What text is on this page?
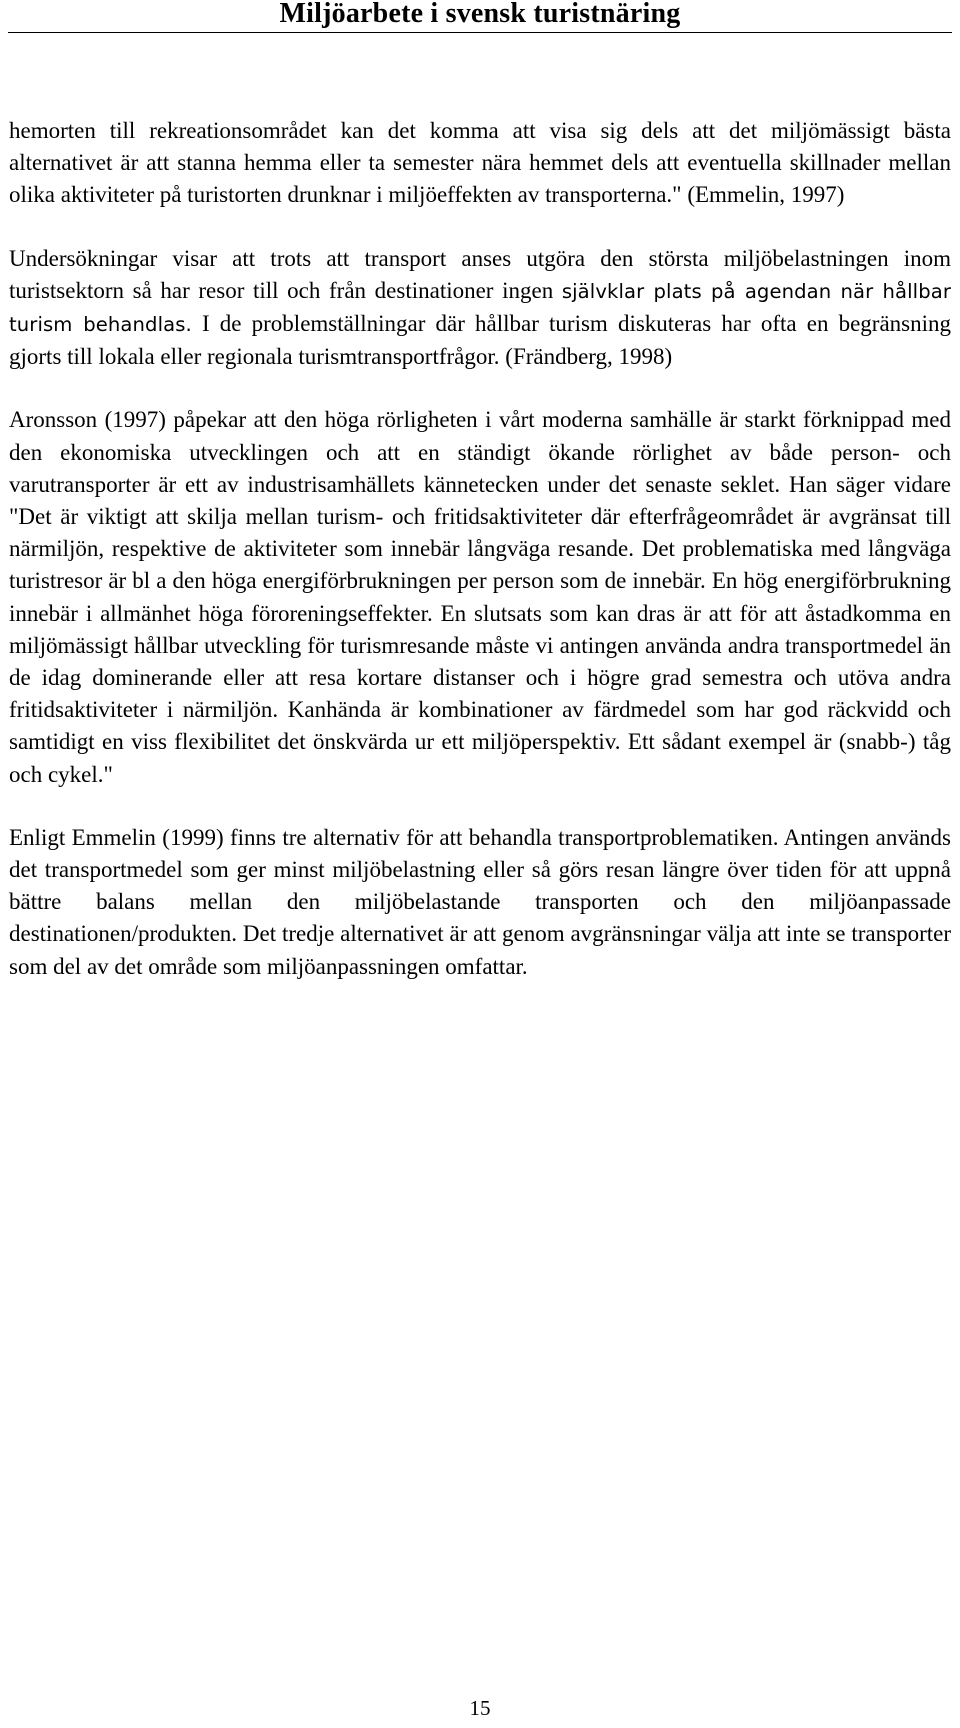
Miljöarbete i svensk turistnäring

hemorten till rekreationsområdet kan det komma att visa sig dels att det miljömässigt bästa alternativet är att stanna hemma eller ta semester nära hemmet dels att eventuella skillnader mellan olika aktiviteter på turistorten drunknar i miljöeffekten av transporterna." (Emmelin, 1997)

Undersökningar visar att trots att transport anses utgöra den största miljöbelastningen inom turistsektorn så har resor till och från destinationer ingen självklar plats på agendan när hållbar turism behandlas. I de problemställningar där hållbar turism diskuteras har ofta en begränsning gjorts till lokala eller regionala turismtransportfrågor. (Frändberg, 1998)

Aronsson (1997) påpekar att den höga rörligheten i vårt moderna samhälle är starkt förknippad med den ekonomiska utvecklingen och att en ständigt ökande rörlighet av både person- och varutransporter är ett av industrisamhällets kännetecken under det senaste seklet. Han säger vidare "Det är viktigt att skilja mellan turism- och fritidsaktiviteter där efterfrågeområdet är avgränsat till närmiljön, respektive de aktiviteter som innebär långväga resande. Det problematiska med långväga turistresor är bl a den höga energiförbrukningen per person som de innebär. En hög energiförbrukning innebär i allmänhet höga föroreningseffekter. En slutsats som kan dras är att för att åstadkomma en miljömässigt hållbar utveckling för turismresande måste vi antingen använda andra transportmedel än de idag dominerande eller att resa kortare distanser och i högre grad semestra och utöva andra fritidsaktiviteter i närmiljön. Kanhända är kombinationer av färdmedel som har god räckvidd och samtidigt en viss flexibilitet det önskvärda ur ett miljöperspektiv. Ett sådant exempel är (snabb-) tåg och cykel."

Enligt Emmelin (1999) finns tre alternativ för att behandla transportproblematiken. Antingen används det transportmedel som ger minst miljöbelastning eller så görs resan längre över tiden för att uppnå bättre balans mellan den miljöbelastande transporten och den miljöanpassade destinationen/produkten. Det tredje alternativet är att genom avgränsningar välja att inte se transporter som del av det område som miljöanpassningen omfattar.

15
